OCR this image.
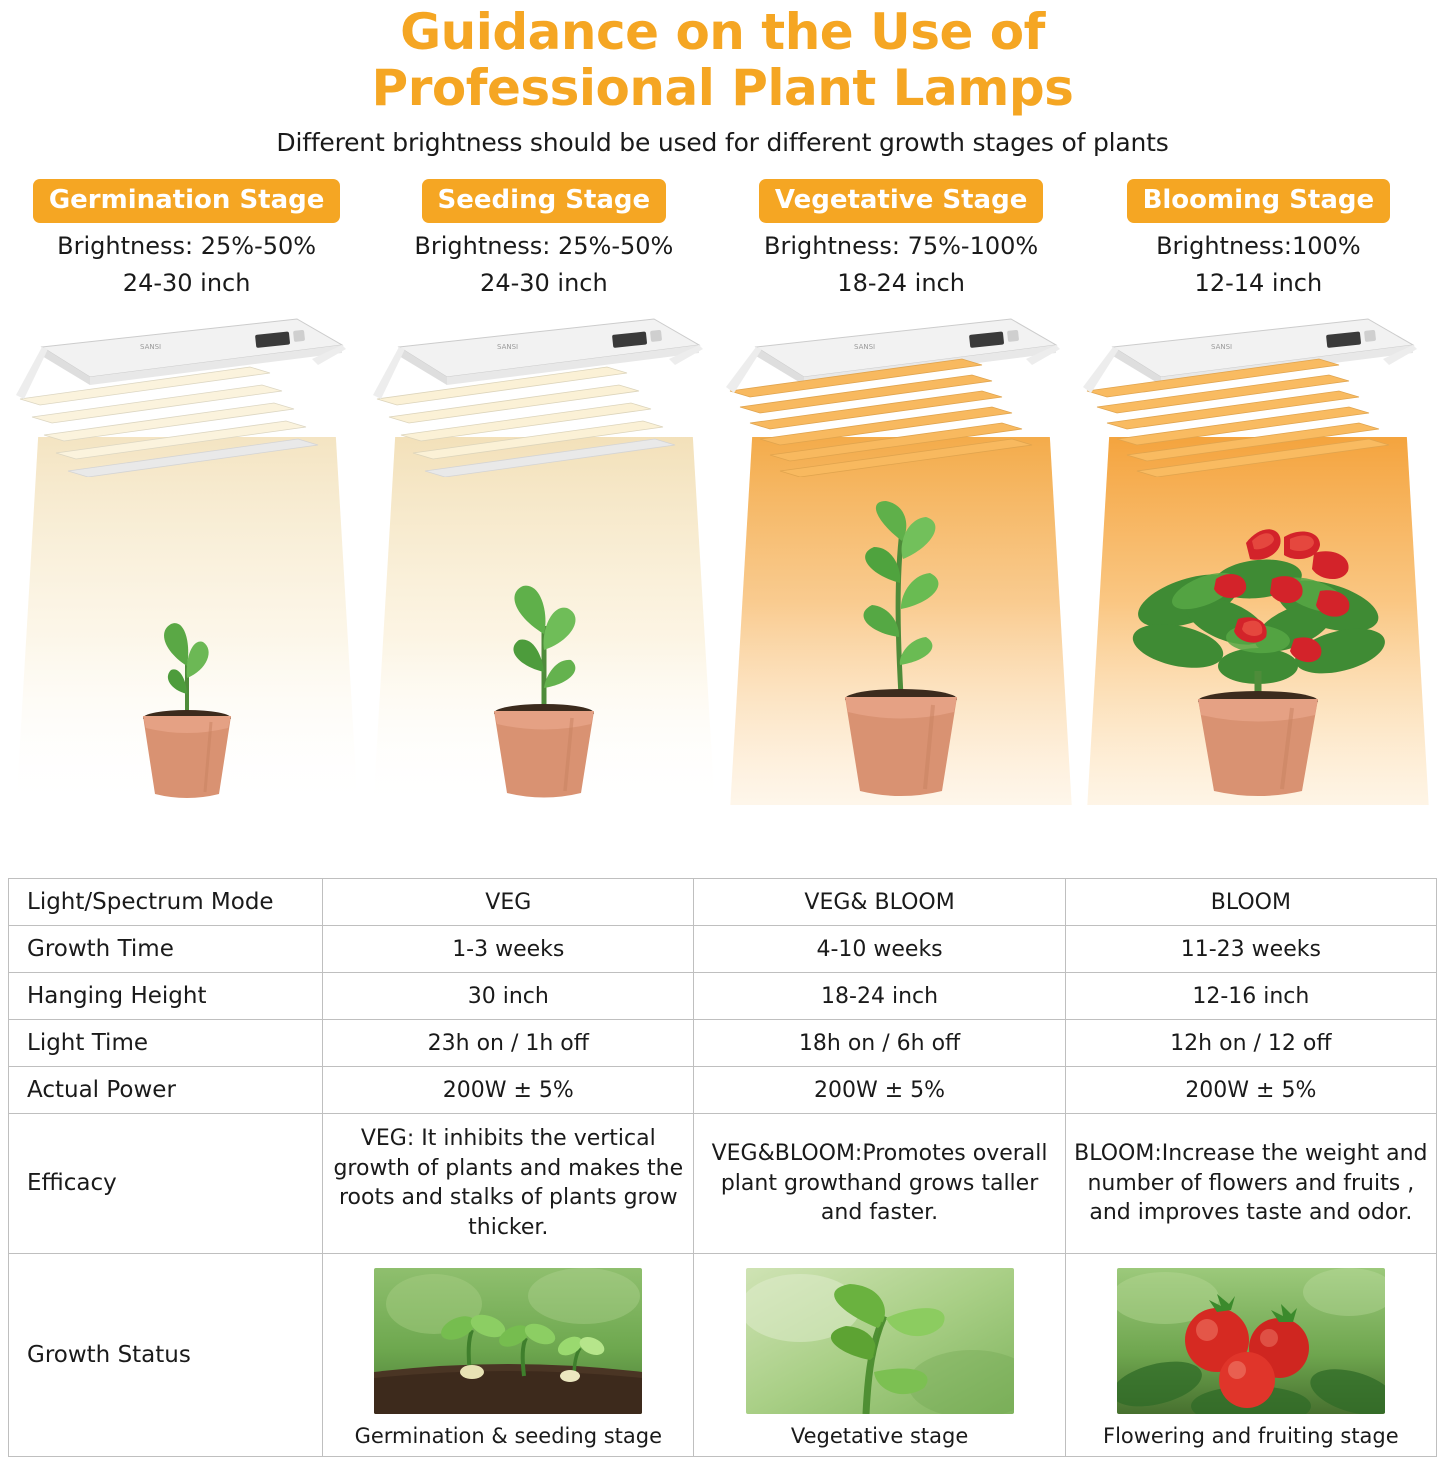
Guidance on the Use of
Professional Plant Lamps
Different brightness should be used for different growth stages of plants
Germination Stage
Brightness: 25%-50%
24-30 inch
SANSI
Seeding Stage
Brightness: 25%-50%
24-30 inch
SANSI
Vegetative Stage
Brightness: 75%-100%
18-24 inch
SANSI
Blooming Stage
Brightness:100%
12-14 inch
SANSI
Light/Spectrum Mode	VEG	VEG& BLOOM	BLOOM
Growth Time	1-3 weeks	4-10 weeks	11-23 weeks
Hanging Height	30 inch	18-24 inch	12-16 inch
Light Time	23h on / 1h off	18h on / 6h off	12h on / 12 off
Actual Power	200W ± 5%	200W ± 5%	200W ± 5%
Efficacy	VEG: It inhibits the vertical growth of plants and makes the roots and stalks of plants grow thicker.	VEG&BLOOM:Promotes overall plant growthand grows taller and faster.	BLOOM:Increase the weight and number of flowers and fruits , and improves taste and odor.
Growth Status	Germination & seeding stage	Vegetative stage	Flowering and fruiting stage
